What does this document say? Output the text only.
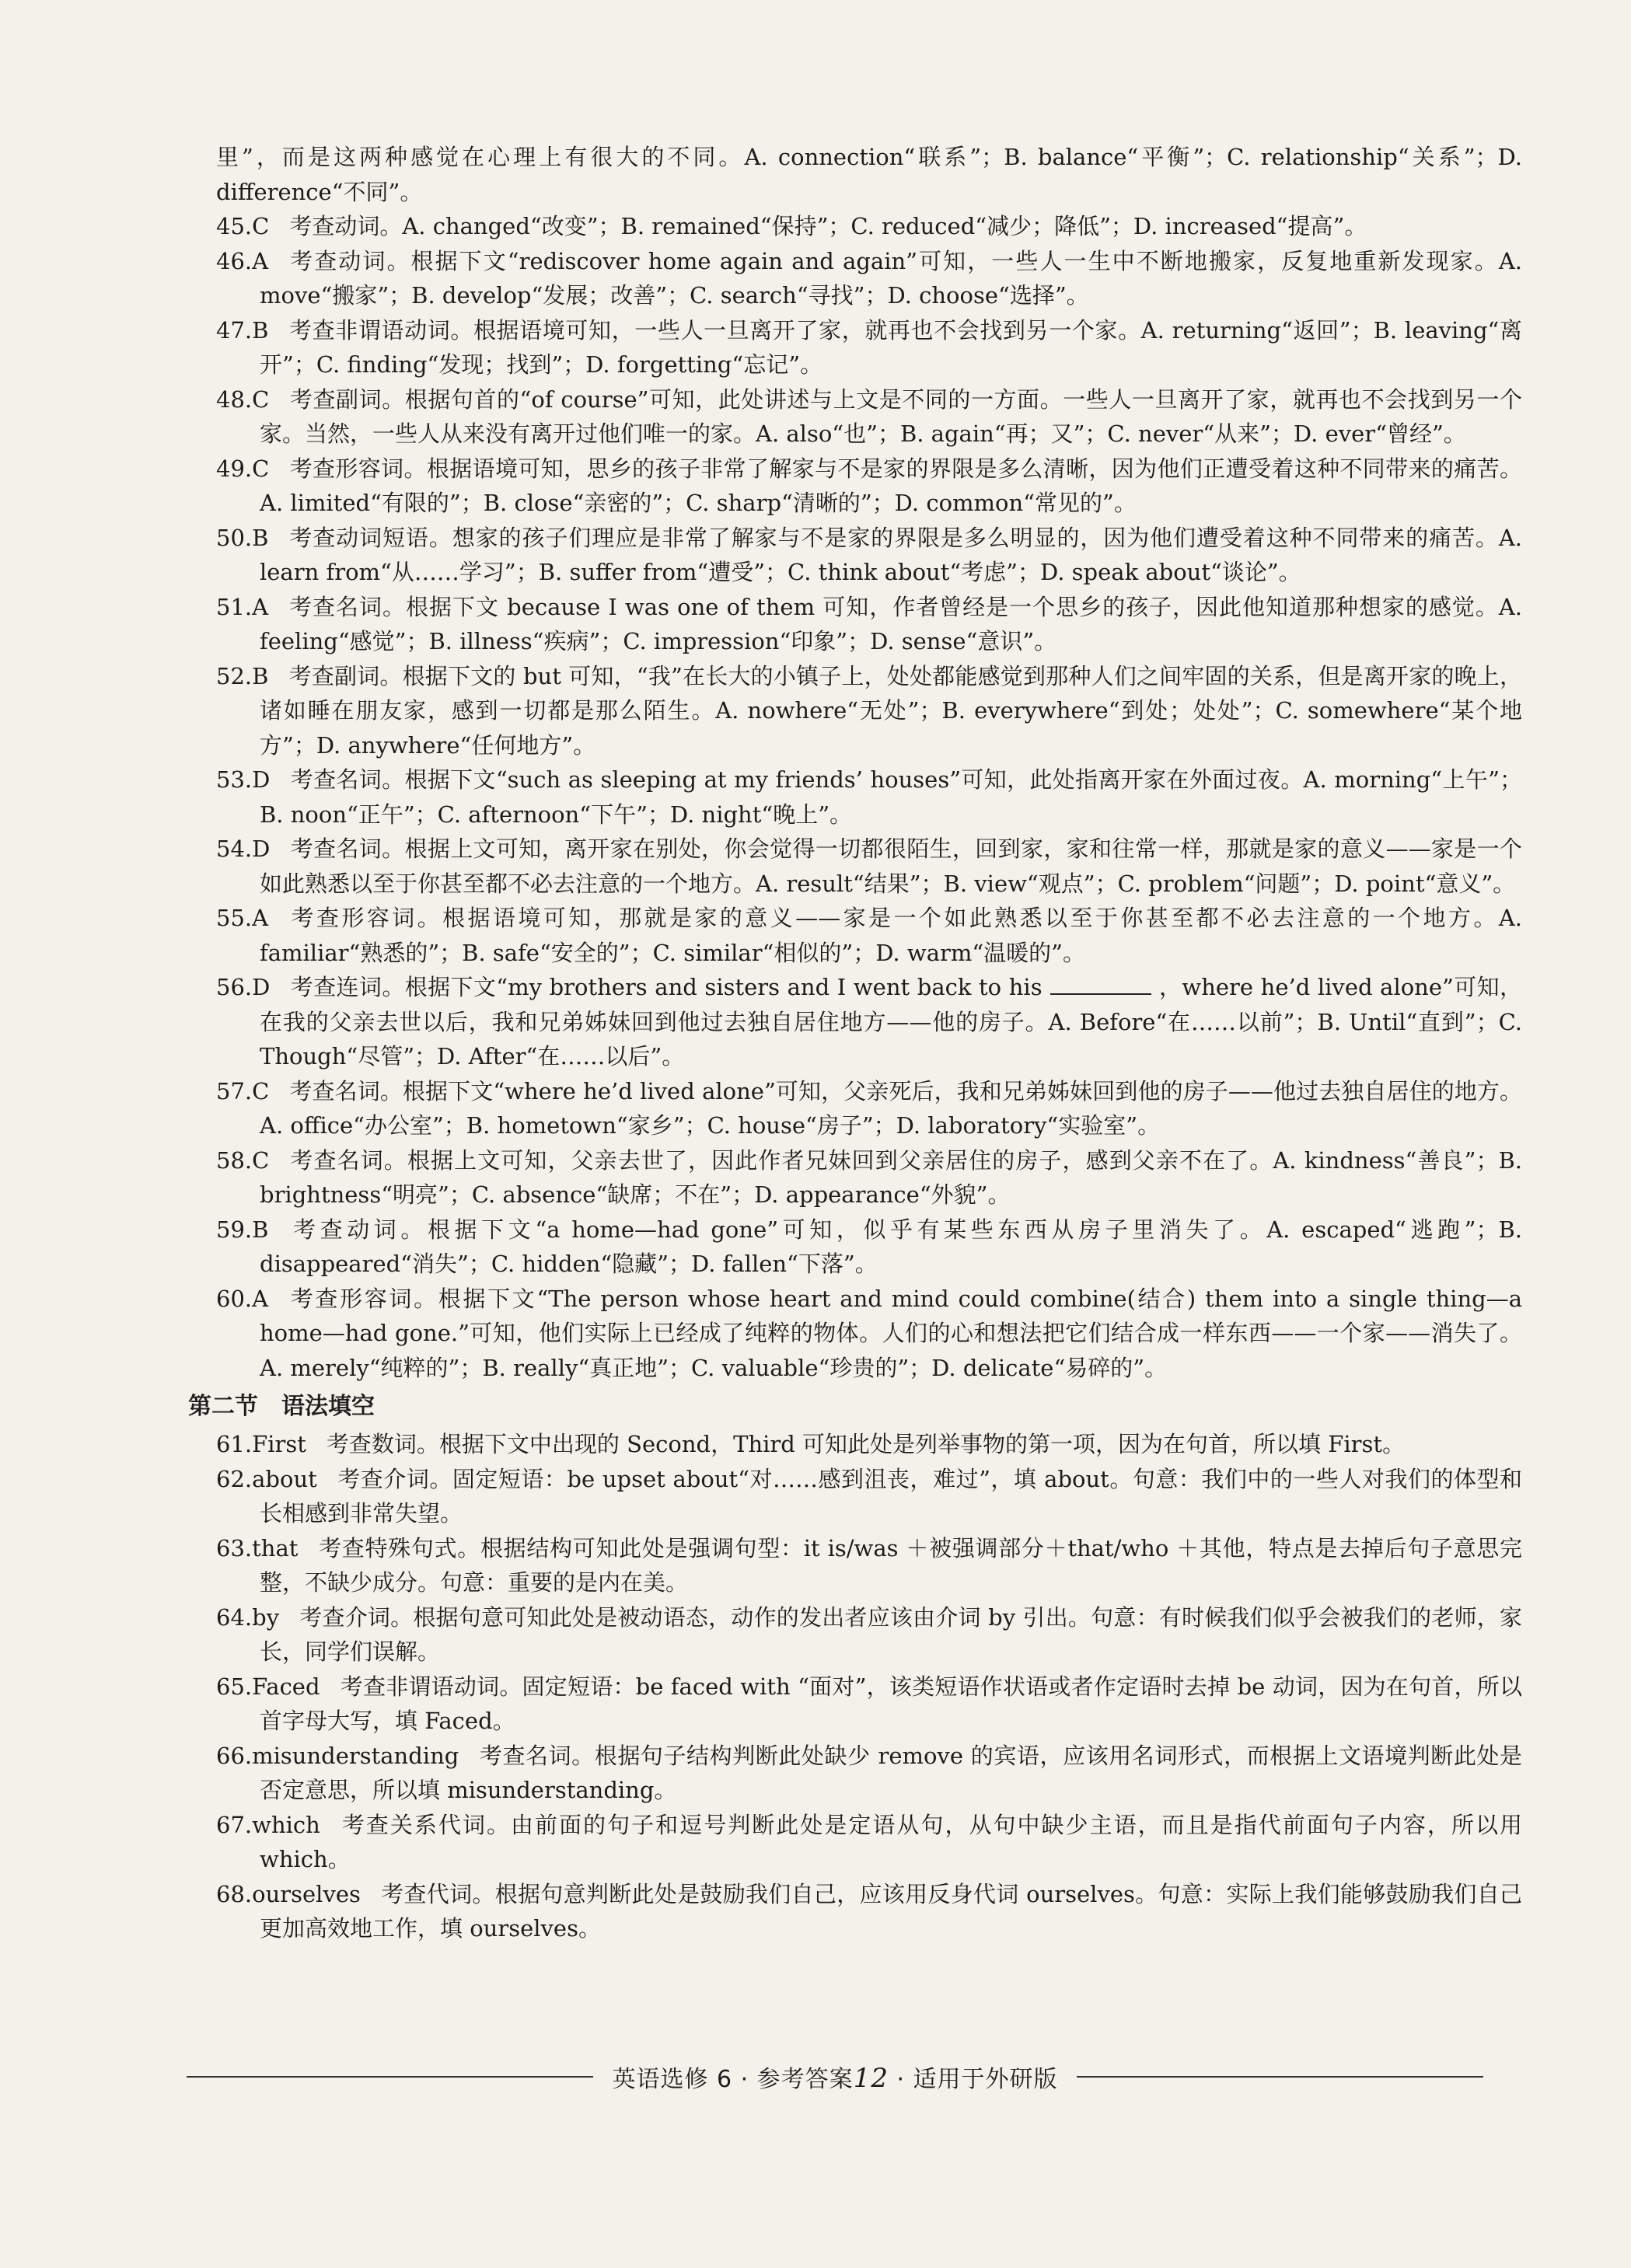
里”，而是这两种感觉在心理上有很大的不同。A. connection“联系”；B. balance“平衡”；C. relationship“关系”；D. difference“不同”。

45.C 考查动词。A. changed“改变”；B. remained“保持”；C. reduced“减少；降低”；D. increased“提高”。

46.A 考查动词。根据下文“rediscover home again and again”可知，一些人一生中不断地搬家，反复地重新发现家。A. move“搬家”；B. develop“发展；改善”；C. search“寻找”；D. choose“选择”。

47.B 考查非谓语动词。根据语境可知，一些人一旦离开了家，就再也不会找到另一个家。A. returning“返回”；B. leaving“离开”；C. finding“发现；找到”；D. forgetting“忘记”。

48.C 考查副词。根据句首的“of course”可知，此处讲述与上文是不同的一方面。一些人一旦离开了家，就再也不会找到另一个家。当然，一些人从来没有离开过他们唯一的家。A. also“也”；B. again“再；又”；C. never“从来”；D. ever“曾经”。

49.C 考查形容词。根据语境可知，思乡的孩子非常了解家与不是家的界限是多么清晰，因为他们正遭受着这种不同带来的痛苦。A. limited“有限的”；B. close“亲密的”；C. sharp“清晰的”；D. common“常见的”。

50.B 考查动词短语。想家的孩子们理应是非常了解家与不是家的界限是多么明显的，因为他们遭受着这种不同带来的痛苦。A. learn from“从……学习”；B. suffer from“遭受”；C. think about“考虑”；D. speak about“谈论”。

51.A 考查名词。根据下文 because I was one of them 可知，作者曾经是一个思乡的孩子，因此他知道那种想家的感觉。A. feeling“感觉”；B. illness“疾病”；C. impression“印象”；D. sense“意识”。

52.B 考查副词。根据下文的 but 可知，“我”在长大的小镇子上，处处都能感觉到那种人们之间牢固的关系，但是离开家的晚上，诸如睡在朋友家，感到一切都是那么陌生。A. nowhere“无处”；B. everywhere“到处；处处”；C. somewhere“某个地方”；D. anywhere“任何地方”。

53.D 考查名词。根据下文“such as sleeping at my friends’ houses”可知，此处指离开家在外面过夜。A. morning“上午”；B. noon“正午”；C. afternoon“下午”；D. night“晚上”。

54.D 考查名词。根据上文可知，离开家在别处，你会觉得一切都很陌生，回到家，家和往常一样，那就是家的意义——家是一个如此熟悉以至于你甚至都不必去注意的一个地方。A. result“结果”；B. view“观点”；C. problem“问题”；D. point“意义”。

55.A 考查形容词。根据语境可知，那就是家的意义——家是一个如此熟悉以至于你甚至都不必去注意的一个地方。A. familiar“熟悉的”；B. safe“安全的”；C. similar“相似的”；D. warm“温暖的”。

56.D 考查连词。根据下文“my brothers and sisters and I went back to his	，where he’d lived alone”可知，在我的父亲去世以后，我和兄弟姊妹回到他过去独自居住地方——他的房子。A. Before“在……以前”；B. Until“直到”；C. Though“尽管”；D. After“在……以后”。

57.C 考查名词。根据下文“where he’d lived alone”可知，父亲死后，我和兄弟姊妹回到他的房子——他过去独自居住的地方。A. office“办公室”；B. hometown“家乡”；C. house“房子”；D. laboratory“实验室”。

58.C 考查名词。根据上文可知，父亲去世了，因此作者兄妹回到父亲居住的房子，感到父亲不在了。A. kindness“善良”；B. brightness“明亮”；C. absence“缺席；不在”；D. appearance“外貌”。

59.B 考查动词。根据下文“a home—had gone”可知，似乎有某些东西从房子里消失了。A. escaped“逃跑”；B. disappeared“消失”；C. hidden“隐藏”；D. fallen“下落”。

60.A 考查形容词。根据下文“The person whose heart and mind could combine(结合) them into a single thing—a home—had gone.”可知，他们实际上已经成了纯粹的物体。人们的心和想法把它们结合成一样东西——一个家——消失了。A. merely“纯粹的”；B. really“真正地”；C. valuable“珍贵的”；D. delicate“易碎的”。

第二节　语法填空

61.First 考查数词。根据下文中出现的 Second，Third 可知此处是列举事物的第一项，因为在句首，所以填 First。

62.about 考查介词。固定短语：be upset about“对……感到沮丧，难过”，填 about。句意：我们中的一些人对我们的体型和长相感到非常失望。

63.that 考查特殊句式。根据结构可知此处是强调句型：it is/was ＋被强调部分＋that/who ＋其他，特点是去掉后句子意思完整，不缺少成分。句意：重要的是内在美。

64.by 考查介词。根据句意可知此处是被动语态，动作的发出者应该由介词 by 引出。句意：有时候我们似乎会被我们的老师，家长，同学们误解。

65.Faced 考查非谓语动词。固定短语：be faced with “面对”，该类短语作状语或者作定语时去掉 be 动词，因为在句首，所以首字母大写，填 Faced。

66.misunderstanding 考查名词。根据句子结构判断此处缺少 remove 的宾语，应该用名词形式，而根据上文语境判断此处是否定意思，所以填 misunderstanding。

67.which 考查关系代词。由前面的句子和逗号判断此处是定语从句，从句中缺少主语，而且是指代前面句子内容，所以用 which。

68.ourselves 考查代词。根据句意判断此处是鼓励我们自己，应该用反身代词 ourselves。句意：实际上我们能够鼓励我们自己更加高效地工作，填 ourselves。

英语选修 6 · 参考答案12 · 适用于外研版
